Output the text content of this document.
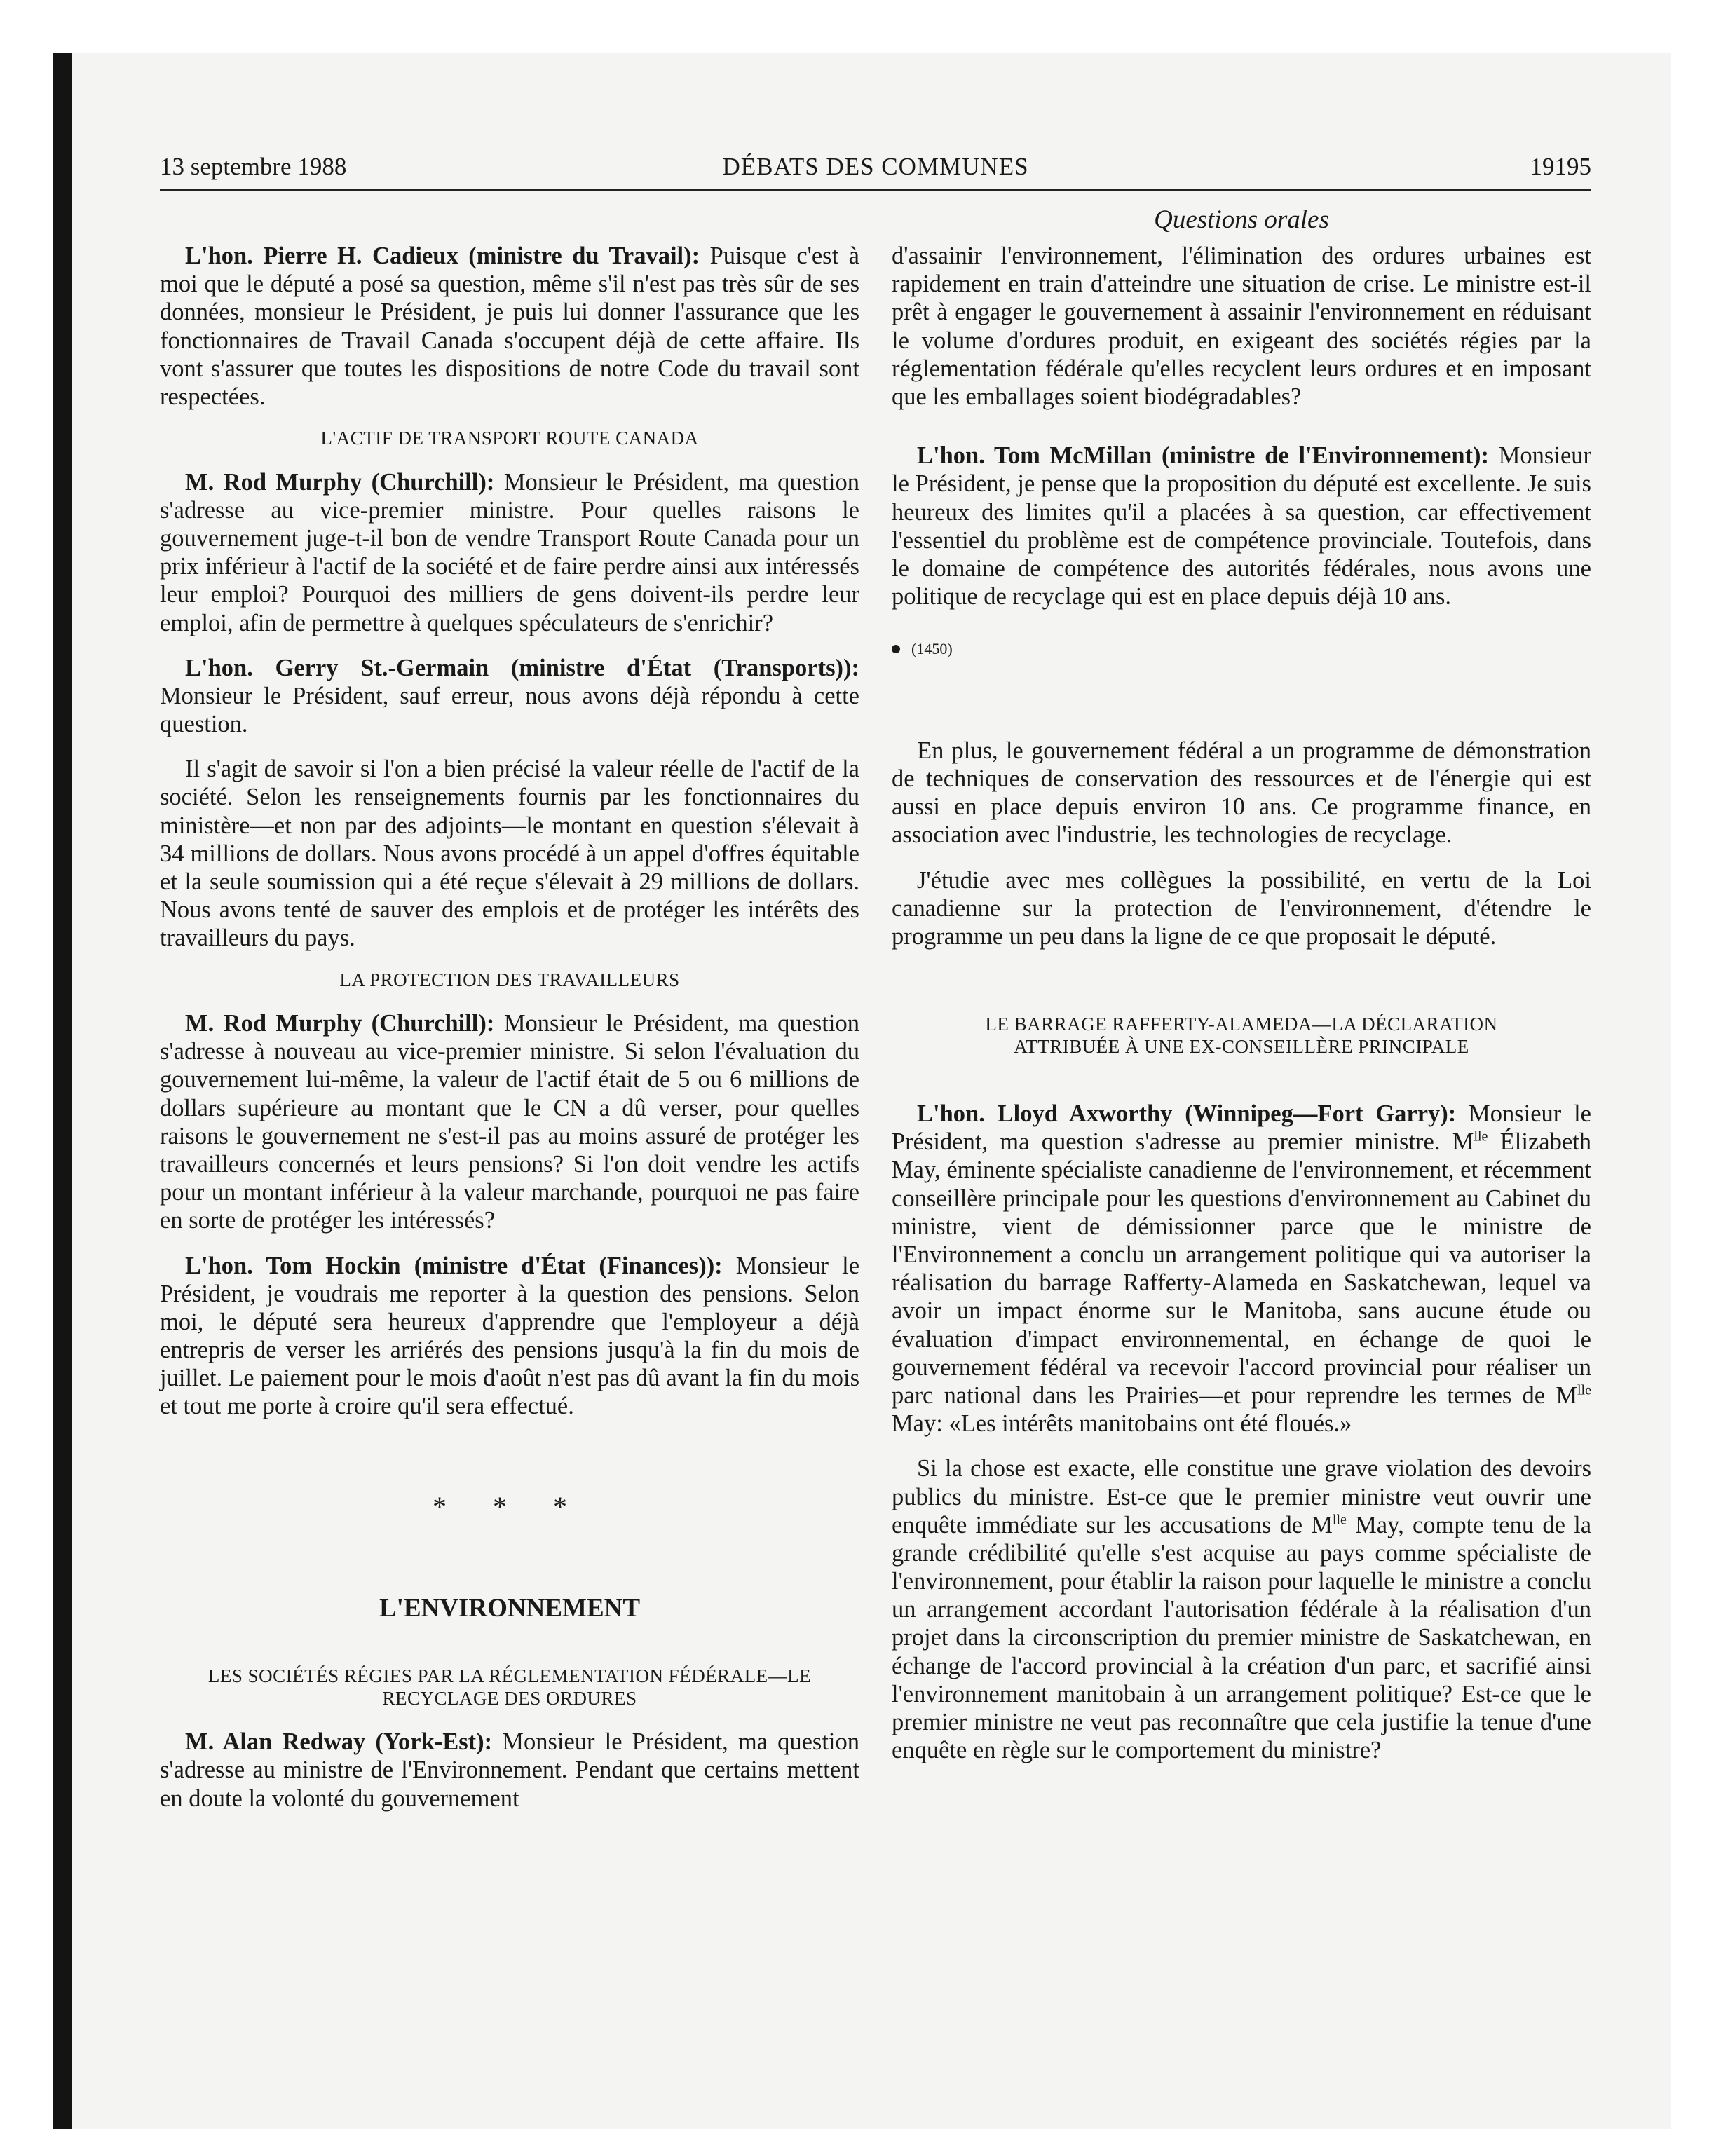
13 septembre 1988	DÉBATS DES COMMUNES	19195
Questions orales

L'hon. Pierre H. Cadieux (ministre du Travail): Puisque c'est à moi que le député a posé sa question, même s'il n'est pas très sûr de ses données, monsieur le Président, je puis lui donner l'assurance que les fonctionnaires de Travail Canada s'occupent déjà de cette affaire. Ils vont s'assurer que toutes les dispositions de notre Code du travail sont respectées.

L'ACTIF DE TRANSPORT ROUTE CANADA

M. Rod Murphy (Churchill): Monsieur le Président, ma question s'adresse au vice-premier ministre. Pour quelles raisons le gouvernement juge-t-il bon de vendre Transport Route Canada pour un prix inférieur à l'actif de la société et de faire perdre ainsi aux intéressés leur emploi? Pourquoi des milliers de gens doivent-ils perdre leur emploi, afin de permettre à quelques spéculateurs de s'enrichir?

L'hon. Gerry St.-Germain (ministre d'État (Transports)): Monsieur le Président, sauf erreur, nous avons déjà répondu à cette question.

Il s'agit de savoir si l'on a bien précisé la valeur réelle de l'actif de la société. Selon les renseignements fournis par les fonctionnaires du ministère—et non par des adjoints—le montant en question s'élevait à 34 millions de dollars. Nous avons procédé à un appel d'offres équitable et la seule soumission qui a été reçue s'élevait à 29 millions de dollars. Nous avons tenté de sauver des emplois et de protéger les intérêts des travailleurs du pays.

LA PROTECTION DES TRAVAILLEURS

M. Rod Murphy (Churchill): Monsieur le Président, ma question s'adresse à nouveau au vice-premier ministre. Si selon l'évaluation du gouvernement lui-même, la valeur de l'actif était de 5 ou 6 millions de dollars supérieure au montant que le CN a dû verser, pour quelles raisons le gouvernement ne s'est-il pas au moins assuré de protéger les travailleurs concernés et leurs pensions? Si l'on doit vendre les actifs pour un montant inférieur à la valeur marchande, pourquoi ne pas faire en sorte de protéger les intéressés?

L'hon. Tom Hockin (ministre d'État (Finances)): Monsieur le Président, je voudrais me reporter à la question des pensions. Selon moi, le député sera heureux d'apprendre que l'employeur a déjà entrepris de verser les arriérés des pensions jusqu'à la fin du mois de juillet. Le paiement pour le mois d'août n'est pas dû avant la fin du mois et tout me porte à croire qu'il sera effectué.

* * *
L'ENVIRONNEMENT
LES SOCIÉTÉS RÉGIES PAR LA RÉGLEMENTATION FÉDÉRALE—LE RECYCLAGE DES ORDURES

M. Alan Redway (York-Est): Monsieur le Président, ma question s'adresse au ministre de l'Environnement. Pendant que certains mettent en doute la volonté du gouvernement

d'assainir l'environnement, l'élimination des ordures urbaines est rapidement en train d'atteindre une situation de crise. Le ministre est-il prêt à engager le gouvernement à assainir l'environnement en réduisant le volume d'ordures produit, en exigeant des sociétés régies par la réglementation fédérale qu'elles recyclent leurs ordures et en imposant que les emballages soient biodégradables?

L'hon. Tom McMillan (ministre de l'Environnement): Monsieur le Président, je pense que la proposition du député est excellente. Je suis heureux des limites qu'il a placées à sa question, car effectivement l'essentiel du problème est de compétence provinciale. Toutefois, dans le domaine de compétence des autorités fédérales, nous avons une politique de recyclage qui est en place depuis déjà 10 ans.

(1450)

En plus, le gouvernement fédéral a un programme de démonstration de techniques de conservation des ressources et de l'énergie qui est aussi en place depuis environ 10 ans. Ce programme finance, en association avec l'industrie, les technologies de recyclage.

J'étudie avec mes collègues la possibilité, en vertu de la Loi canadienne sur la protection de l'environnement, d'étendre le programme un peu dans la ligne de ce que proposait le député.

LE BARRAGE RAFFERTY-ALAMEDA—LA DÉCLARATION
ATTRIBUÉE À UNE EX-CONSEILLÈRE PRINCIPALE

L'hon. Lloyd Axworthy (Winnipeg—Fort Garry): Monsieur le Président, ma question s'adresse au premier ministre. $M^{lle}$ Élizabeth May, éminente spécialiste canadienne de l'environnement, et récemment conseillère principale pour les questions d'environnement au Cabinet du ministre, vient de démissionner parce que le ministre de l'Environnement a conclu un arrangement politique qui va autoriser la réalisation du barrage Rafferty-Alameda en Saskatchewan, lequel va avoir un impact énorme sur le Manitoba, sans aucune étude ou évaluation d'impact environnemental, en échange de quoi le gouvernement fédéral va recevoir l'accord provincial pour réaliser un parc national dans les Prairies—et pour reprendre les termes de $M^{lle}$ May: «Les intérêts manitobains ont été floués.»

Si la chose est exacte, elle constitue une grave violation des devoirs publics du ministre. Est-ce que le premier ministre veut ouvrir une enquête immédiate sur les accusations de $M^{lle}$ May, compte tenu de la grande crédibilité qu'elle s'est acquise au pays comme spécialiste de l'environnement, pour établir la raison pour laquelle le ministre a conclu un arrangement accordant l'autorisation fédérale à la réalisation d'un projet dans la circonscription du premier ministre de Saskatchewan, en échange de l'accord provincial à la création d'un parc, et sacrifié ainsi l'environnement manitobain à un arrangement politique? Est-ce que le premier ministre ne veut pas reconnaître que cela justifie la tenue d'une enquête en règle sur le comportement du ministre?
